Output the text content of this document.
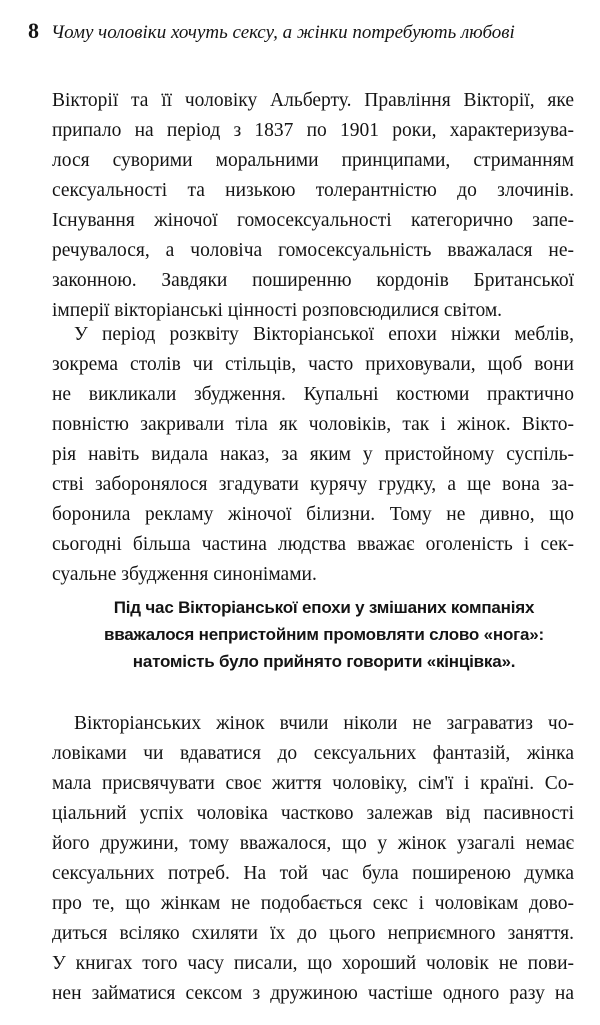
8 Чому чоловіки хочуть сексу, а жінки потребують любові
Вікторії та її чоловіку Альберту. Правління Вікторії, яке
припало на період з 1837 по 1901 роки, характеризува-
лося суворими моральними принципами, стриманням
сексуальності та низькою толерантністю до злочинів.
Існування жіночої гомосексуальності категорично запе-
речувалося, а чоловіча гомосексуальність вважалася не-
законною. Завдяки поширенню кордонів Британської
імперії вікторіанські цінності розповсюдилися світом.
У період розквіту Вікторіанської епохи ніжки меблів,
зокрема столів чи стільців, часто приховували, щоб вони
не викликали збудження. Купальні костюми практично
повністю закривали тіла як чоловіків, так і жінок. Вікто-
рія навіть видала наказ, за яким у пристойному суспіль-
стві заборонялося згадувати курячу грудку, а ще вона за-
боронила рекламу жіночої білизни. Тому не дивно, що
сьогодні більша частина людства вважає оголеність і сек-
суальне збудження синонімами.
Під час Вікторіанської епохи у змішаних компаніях
вважалося непристойним промовляти слово «нога»:
натомість було прийнято говорити «кінцівка».
Вікторіанських жінок вчили ніколи не заграватиз чо-
ловіками чи вдаватися до сексуальних фантазій, жінка
мала присвячувати своє життя чоловіку, сім'ї і країні. Со-
ціальний успіх чоловіка частково залежав від пасивності
його дружини, тому вважалося, що у жінок узагалі немає
сексуальних потреб. На той час була поширеною думка
про те, що жінкам не подобається секс і чоловікам дово-
диться всіляко схиляти їх до цього неприємного заняття.
У книгах того часу писали, що хороший чоловік не пови-
нен займатися сексом з дружиною частіше одного разу на
